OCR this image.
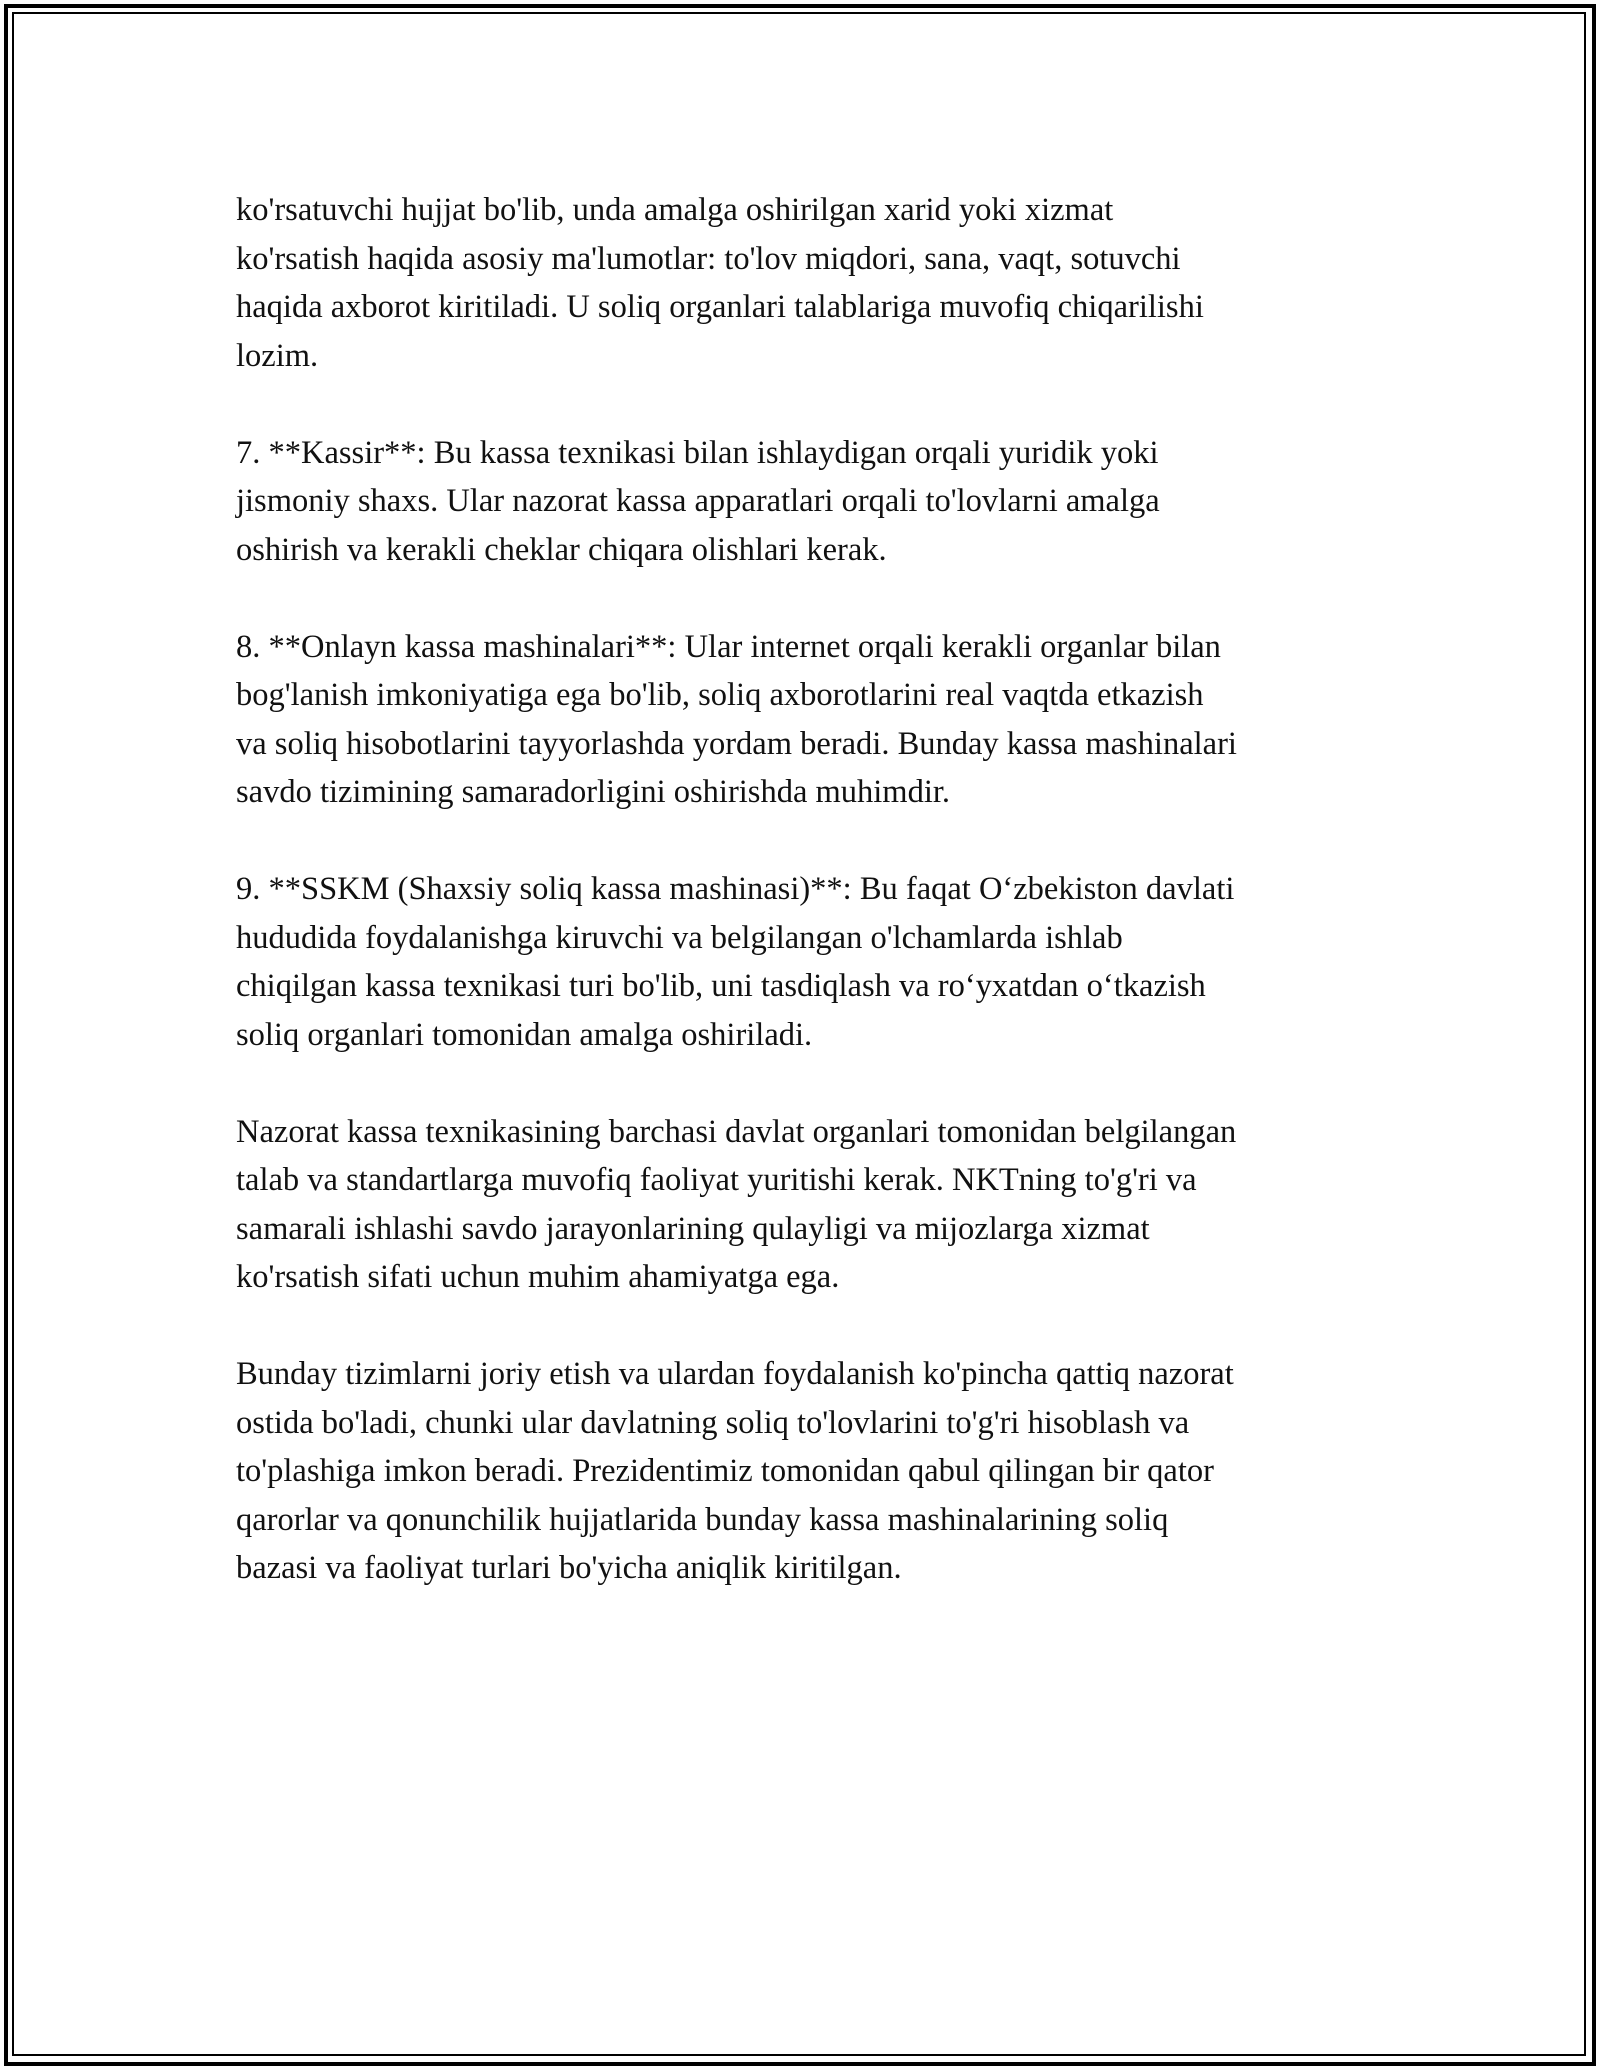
ko'rsatuvchi hujjat bo'lib, unda amalga oshirilgan xarid yoki xizmat
ko'rsatish haqida asosiy ma'lumotlar: to'lov miqdori, sana, vaqt, sotuvchi
haqida axborot kiritiladi. U soliq organlari talablariga muvofiq chiqarilishi
lozim.

7. **Kassir**: Bu kassa texnikasi bilan ishlaydigan orqali yuridik yoki
jismoniy shaxs. Ular nazorat kassa apparatlari orqali to'lovlarni amalga
oshirish va kerakli cheklar chiqara olishlari kerak.

8. **Onlayn kassa mashinalari**: Ular internet orqali kerakli organlar bilan
bog'lanish imkoniyatiga ega bo'lib, soliq axborotlarini real vaqtda etkazish
va soliq hisobotlarini tayyorlashda yordam beradi. Bunday kassa mashinalari
savdo tizimining samaradorligini oshirishda muhimdir.

9. **SSKM (Shaxsiy soliq kassa mashinasi)**: Bu faqat O‘zbekiston davlati
hududida foydalanishga kiruvchi va belgilangan o'lchamlarda ishlab
chiqilgan kassa texnikasi turi bo'lib, uni tasdiqlash va ro‘yxatdan o‘tkazish
soliq organlari tomonidan amalga oshiriladi.

Nazorat kassa texnikasining barchasi davlat organlari tomonidan belgilangan
talab va standartlarga muvofiq faoliyat yuritishi kerak. NKTning to'g'ri va
samarali ishlashi savdo jarayonlarining qulayligi va mijozlarga xizmat
ko'rsatish sifati uchun muhim ahamiyatga ega.

Bunday tizimlarni joriy etish va ulardan foydalanish ko'pincha qattiq nazorat
ostida bo'ladi, chunki ular davlatning soliq to'lovlarini to'g'ri hisoblash va
to'plashiga imkon beradi. Prezidentimiz tomonidan qabul qilingan bir qator
qarorlar va qonunchilik hujjatlarida bunday kassa mashinalarining soliq
bazasi va faoliyat turlari bo'yicha aniqlik kiritilgan.
